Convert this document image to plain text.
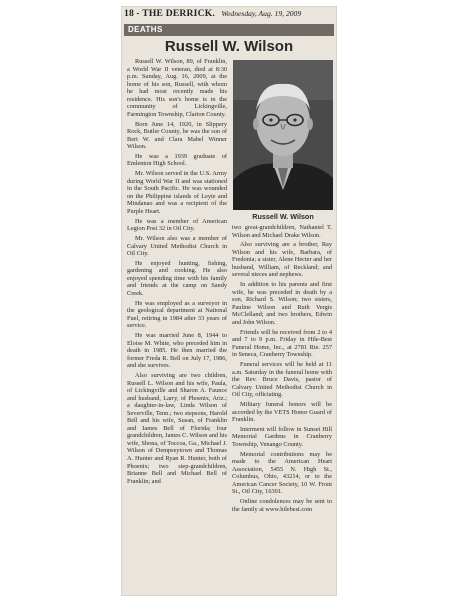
18 - THE DERRICK. Wednesday, Aug. 19, 2009
DEATHS
Russell W. Wilson

Russell W. Wilson, 89, of Franklin, a World War II veteran, died at 8:30 p.m. Sunday, Aug. 16, 2009, at the home of his son, Russell, with whom he had most recently made his residence. His son's home is in the community of Lickingville, Farmington Township, Clarion County.

Born June 14, 1920, in Slippery Rock, Butler County, he was the son of Bert W. and Clara Mabel Winner Wilson.

He was a 1939 graduate of Emlenton High School.

Mr. Wilson served in the U.S. Army during World War II and was stationed in the South Pacific. He was wounded on the Philippine islands of Leyte and Mindanao and was a recipient of the Purple Heart.

He was a member of American Legion Post 32 in Oil City.

Mr. Wilson also was a member of Calvary United Methodist Church in Oil City.

He enjoyed hunting, fishing, gardening and cooking. He also enjoyed spending time with his family and friends at the camp on Sandy Creek.

He was employed as a surveyor in the geological department at National Fuel, retiring in 1984 after 33 years of service.

He was married June 8, 1944 to Eloise M. White, who preceded him in death in 1985. He then married the former Freda R. Bell on July 17, 1986, and she survives.

Also surviving are two children, Russell L. Wilson and his wife, Paula, of Lickingville and Sharon A. Faunce and husband, Larry, of Phoenix, Ariz.; a daughter-in-law, Linda Wilson of Severville, Tenn.; two stepsons, Harold Bell and his wife, Susan, of Franklin and James Bell of Florida; four grandchildren, James C. Wilson and his wife, Shona, of Toccoa, Ga., Michael J. Wilson of Dempseytown and Thomas A. Hunter and Ryan R. Hunter, both of Phoenix; two step-grandchildren, Brianne Bell and Michael Bell of Franklin; and

Russell W. Wilson

two great-grandchildren, Nathaniel T. Wilson and Michael Drake Wilson.

Also surviving are a brother, Ray Wilson and his wife, Barbara, of Fredonia; a sister, Alene Hecter and her husband, William, of Reckland; and several nieces and nephews.

In addition to his parents and first wife, he was preceded in death by a son, Richard S. Wilson; two sisters, Pauline Wilson and Ruth Vergis McClelland; and two brothers, Edwin and John Wilson.

Friends will be received from 2 to 4 and 7 to 9 p.m. Friday in Hile-Best Funeral Home, Inc., at 2781 Rte. 257 in Seneca, Cranberry Township.

Funeral services will be held at 11 a.m. Saturday in the funeral home with the Rev. Bruce Davis, pastor of Calvary United Methodist Church in Oil City, officiating.

Military funeral honors will be accorded by the VETS Honor Guard of Franklin.

Interment will follow in Sunset Hill Memorial Gardens in Cranberry Township, Venango County.

Memorial contributions may be made to the American Heart Association, 5455 N. High St., Columbus, Ohio, 43214, or to the American Cancer Society, 10 W. Front St., Oil City, 16301.

Online condolences may be sent to the family at www.hilebest.com
